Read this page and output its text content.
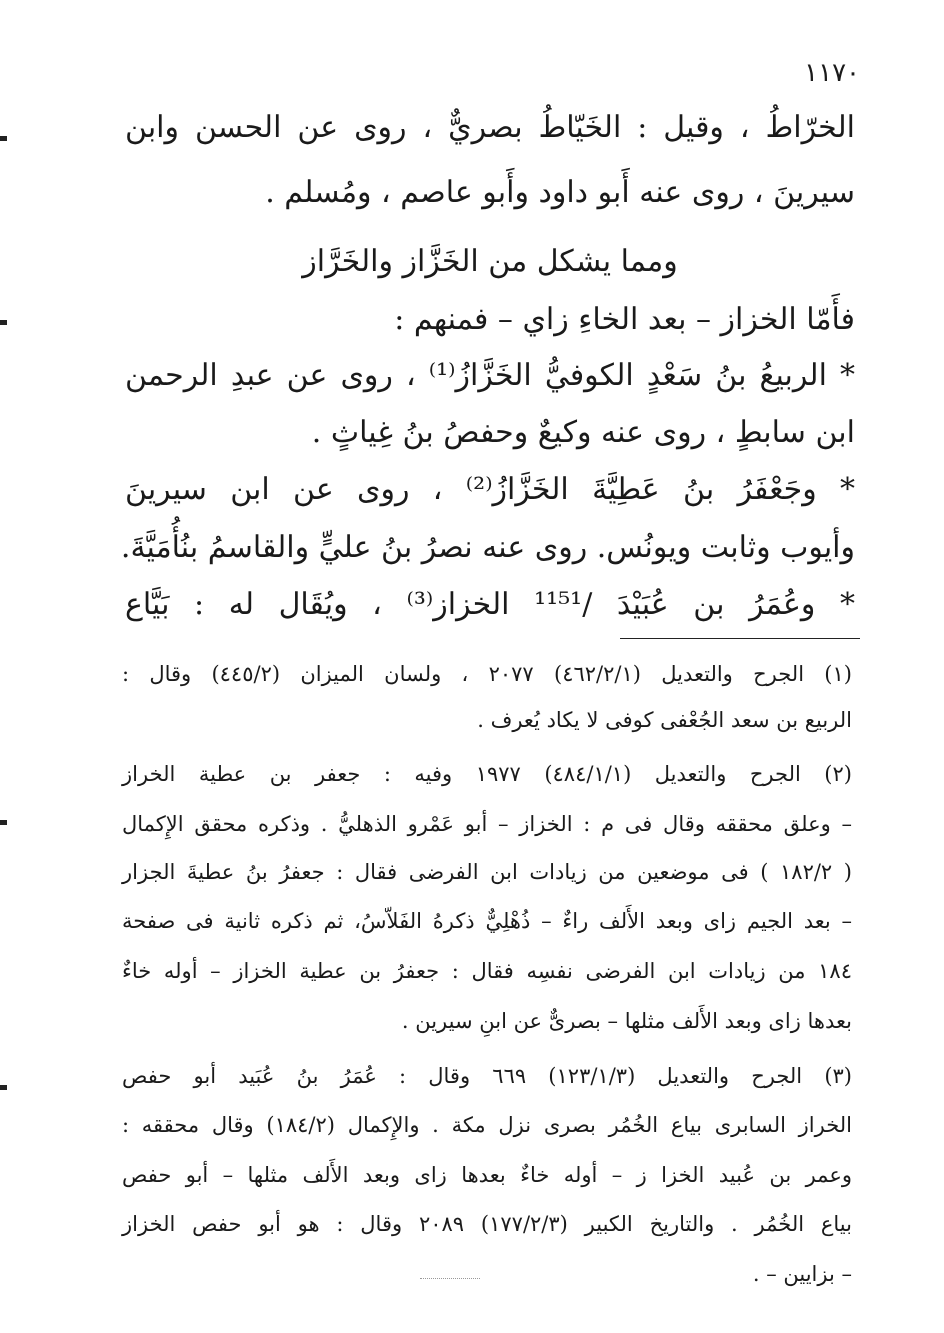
١١٧٠
الخرّاطُ ، وقيل : الخَيّاطُ بصريٌّ ، روى عن الحسن وابن
سيرينَ ، روى عنه أَبو داود وأَبو عاصم ، ومُسلم .
ومما يشكل من الخَزَّاز والخَرَّاز
فأَمّا الخزاز – بعد الخاءِ زاي – فمنهم :
* الربيعُ بنُ سَعْدٍ الكوفيُّ الخَزَّازُ⁽¹⁾ ، روى عن عبدِ الرحمن
ابن سابطٍ ، روى عنه وكيعٌ وحفصُ بنُ غِياثٍ .
* وجَعْفَرُ بنُ عَطِيَّةَ الخَزَّازُ⁽²⁾ ، روى عن ابن سيرينَ
وأيوب وثابت ويونُس. روى عنه نصرُ بنُ عليٍّ والقاسمُ بنُأُمَيَّةَ.
* وعُمَرُ بن عُبَيْدَ /¹¹⁵¹ الخزاز⁽³⁾ ، ويُقَال له : بَيَّاع
(١) الجرح والتعديل (٤٦٢/٢/١) ٢٠٧٧ ، ولسان الميزان (٤٤٥/٢) وقال :
الربيع بن سعد الجُعْفى كوفى لا يكاد يُعرف .
(٢) الجرح والتعديل (٤٨٤/١/١) ١٩٧٧ وفيه : جعفر بن عطية الخراز
– وعلق محققه وقال فى م : الخزاز – أبو عَمْرو الذهليُّ . وذكره محقق الإِكمال
( ١٨٢/٢ ) فى موضعين من زيادات ابن الفرضى فقال : جعفرُ بنُ عطيةَ الجزار
– بعد الجيم زاى وبعد الأَلف راءٌ – ذُهْلِيٌّ ذكرهُ الفَلاّسُ، ثم ذكره ثانية فى صفحة
١٨٤ من زيادات ابن الفرضى نفسِه فقال : جعفرُ بن عطية الخزاز – أوله خاءٌ
بعدها زاى وبعد الأَلف مثلها – بصرىٌّ عن ابنِ سيرين .
(٣) الجرح والتعديل (١٢٣/١/٣) ٦٦٩ وقال : عُمَرُ بنُ عُبَيد أبو حفص
الخراز السابرى بياع الخُمُر بصرى نزل مكة . والإِكمال (١٨٤/٢) وقال محققه :
وعمر بن عُبيد الخزا ز – أوله خاءٌ بعدها زاى وبعد الأَلف مثلها – أبو حفص
بياع الخُمُر . والتاريخ الكبير (١٧٧/٢/٣) ٢٠٨٩ وقال : هو أبو حفص الخزاز
– بزايين – .
